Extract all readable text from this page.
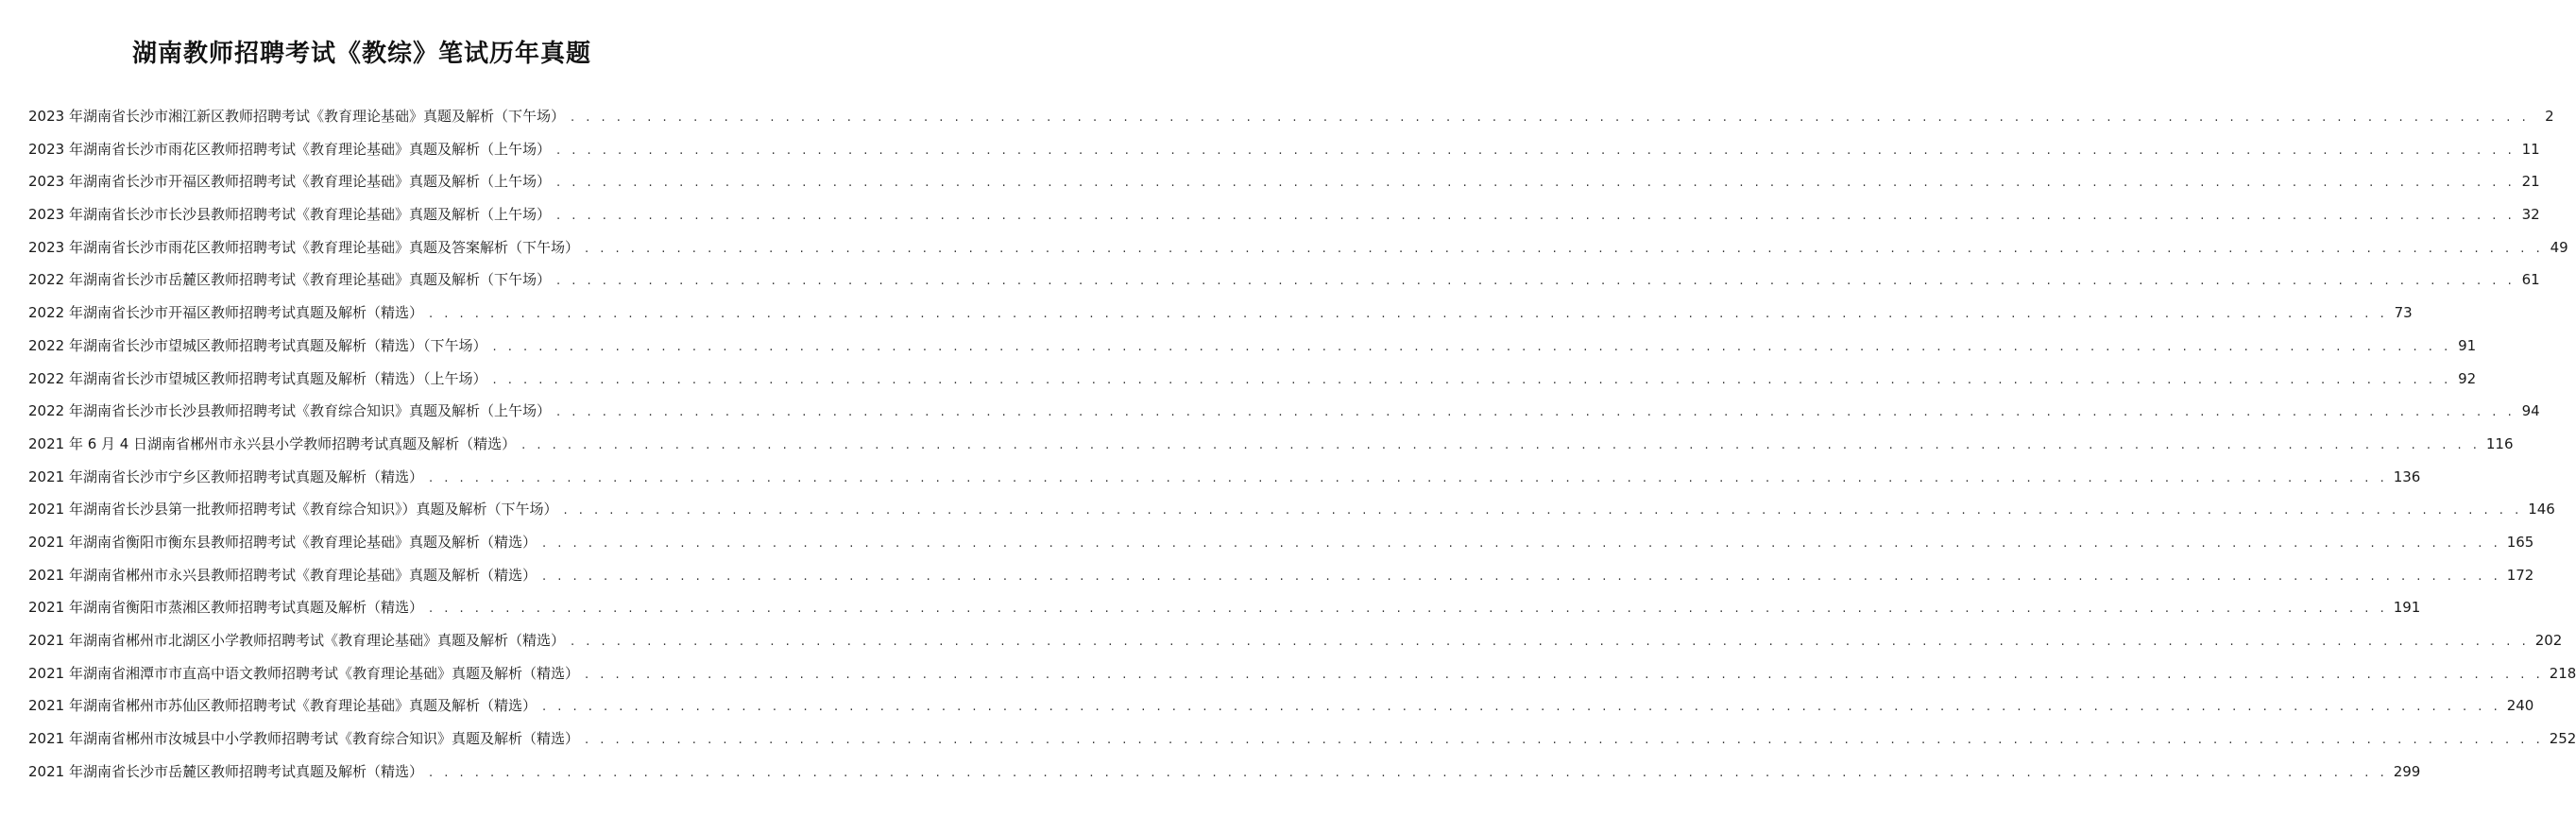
湖南教师招聘考试《教综》笔试历年真题
2023 年湖南省长沙市湘江新区教师招聘考试《教育理论基础》真题及解析（下午场） . . .	2
2023 年湖南省长沙市雨花区教师招聘考试《教育理论基础》真题及解析（上午场） . . .	11
2023 年湖南省长沙市开福区教师招聘考试《教育理论基础》真题及解析（上午场） . . .	21
2023 年湖南省长沙市长沙县教师招聘考试《教育理论基础》真题及解析（上午场） . . .	32
2023 年湖南省长沙市雨花区教师招聘考试《教育理论基础》真题及答案解析（下午场） . . .	49
2022 年湖南省长沙市岳麓区教师招聘考试《教育理论基础》真题及解析（下午场） . . .	61
2022 年湖南省长沙市开福区教师招聘考试真题及解析（精选） . . .	73
2022 年湖南省长沙市望城区教师招聘考试真题及解析（精选）（下午场） . . .	91
2022 年湖南省长沙市望城区教师招聘考试真题及解析（精选）（上午场） . . .	92
2022 年湖南省长沙市长沙县教师招聘考试《教育综合知识》真题及解析（上午场） . . .	94
2021 年 6 月 4 日湖南省郴州市永兴县小学教师招聘考试真题及解析（精选） . . .	116
2021 年湖南省长沙市宁乡区教师招聘考试真题及解析（精选） . . .	136
2021 年湖南省长沙县第一批教师招聘考试《教育综合知识》）真题及解析（下午场） . . .	146
2021 年湖南省衡阳市衡东县教师招聘考试《教育理论基础》真题及解析（精选） . . .	165
2021 年湖南省郴州市永兴县教师招聘考试《教育理论基础》真题及解析（精选） . . .	172
2021 年湖南省衡阳市蒸湘区教师招聘考试真题及解析（精选） . . .	191
2021 年湖南省郴州市北湖区小学教师招聘考试《教育理论基础》真题及解析（精选） . . .	202
2021 年湖南省湘潭市市直高中语文教师招聘考试《教育理论基础》真题及解析（精选） . . .	218
2021 年湖南省郴州市苏仙区教师招聘考试《教育理论基础》真题及解析（精选） . . .	240
2021 年湖南省郴州市汝城县中小学教师招聘考试《教育综合知识》真题及解析（精选） . . .	252
2021 年湖南省长沙市岳麓区教师招聘考试真题及解析（精选） . . .	299
